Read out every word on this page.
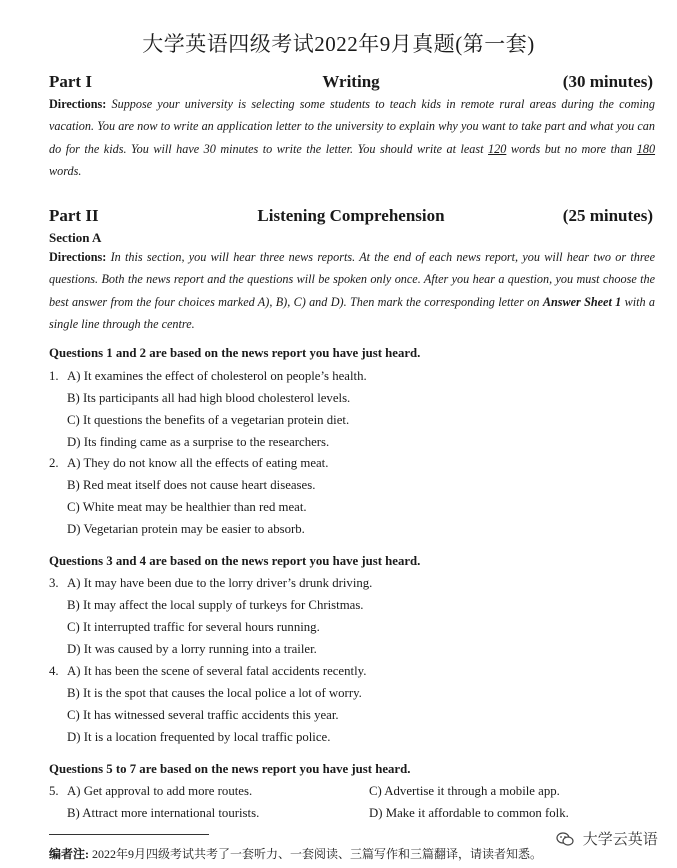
大学英语四级考试2022年9月真题(第一套)
Writing
Part I	(30 minutes)
Directions: Suppose your university is selecting some students to teach kids in remote rural areas during the coming vacation. You are now to write an application letter to the university to explain why you want to take part and what you can do for the kids. You will have 30 minutes to write the letter. You should write at least 120 words but no more than 180 words.
Listening Comprehension
Part II	(25 minutes)
Section A
Directions: In this section, you will hear three news reports. At the end of each news report, you will hear two or three questions. Both the news report and the questions will be spoken only once. After you hear a question, you must choose the best answer from the four choices marked A), B), C) and D). Then mark the corresponding letter on Answer Sheet 1 with a single line through the centre.
Questions 1 and 2 are based on the news report you have just heard.
1. A) It examines the effect of cholesterol on people’s health.
B) Its participants all had high blood cholesterol levels.
C) It questions the benefits of a vegetarian protein diet.
D) Its finding came as a surprise to the researchers.
2. A) They do not know all the effects of eating meat.
B) Red meat itself does not cause heart diseases.
C) White meat may be healthier than red meat.
D) Vegetarian protein may be easier to absorb.
Questions 3 and 4 are based on the news report you have just heard.
3. A) It may have been due to the lorry driver’s drunk driving.
B) It may affect the local supply of turkeys for Christmas.
C) It interrupted traffic for several hours running.
D) It was caused by a lorry running into a trailer.
4. A) It has been the scene of several fatal accidents recently.
B) It is the spot that causes the local police a lot of worry.
C) It has witnessed several traffic accidents this year.
D) It is a location frequented by local traffic police.
Questions 5 to 7 are based on the news report you have just heard.
5. A) Get approval to add more routes.
B) Attract more international tourists.
C) Advertise it through a mobile app.
D) Make it affordable to common folk.
编者注: 2022年9月四级考试共考了一套听力、一套阅读、三篇写作和三篇翻译，请读者知悉。
大学云英语
